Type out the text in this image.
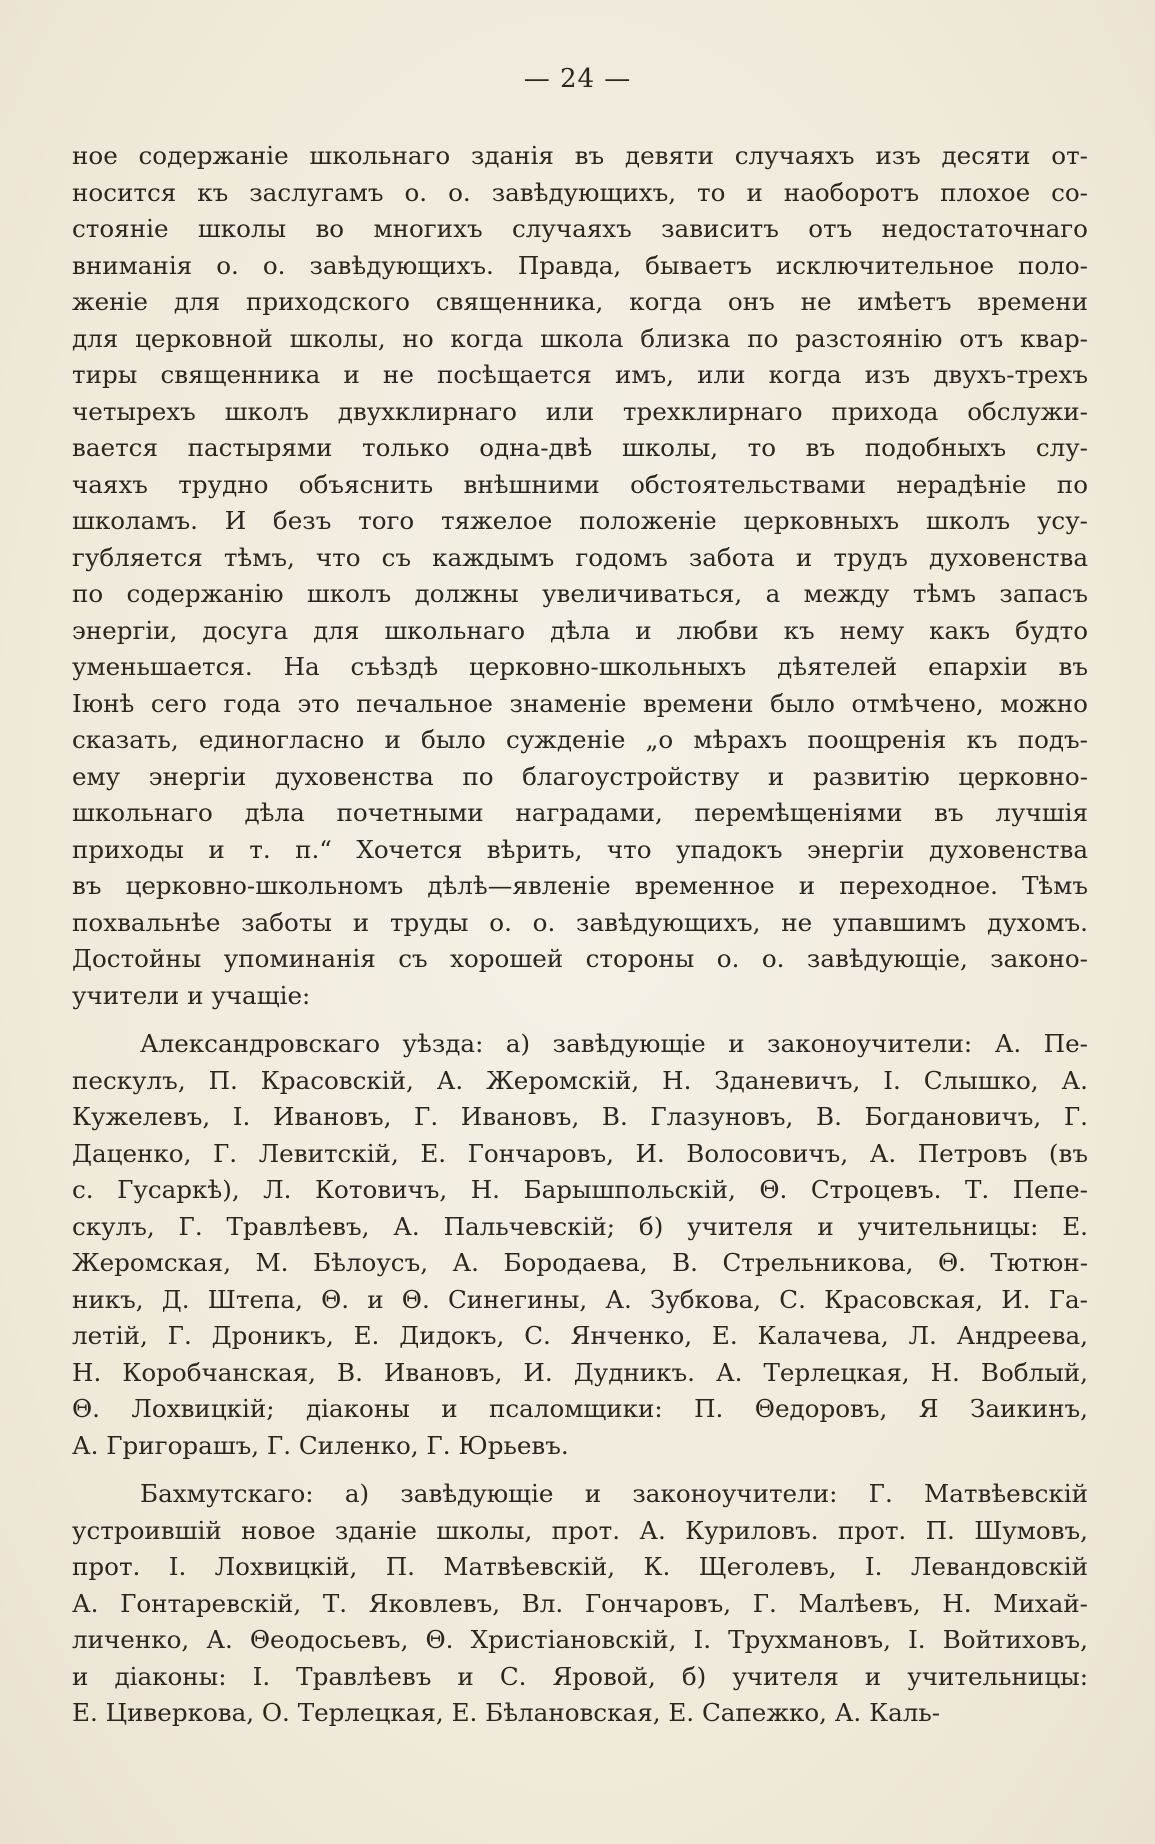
— 24 —
ное содержаніе школьнаго зданія въ девяти случаяхъ изъ десяти от-
носится къ заслугамъ о. о. завѣдующихъ, то и наоборотъ плохое со-
стояніе школы во многихъ случаяхъ зависитъ отъ недостаточнаго
вниманія о. о. завѣдующихъ. Правда, бываетъ исключительное поло-
женіе для приходского священника, когда онъ не имѣетъ времени
для церковной школы, но когда школа близка по разстоянію отъ квар-
тиры священника и не посѣщается имъ, или когда изъ двухъ-трехъ
четырехъ школъ двухклирнаго или трехклирнаго прихода обслужи-
вается пастырями только одна-двѣ школы, то въ подобныхъ слу-
чаяхъ трудно объяснить внѣшними обстоятельствами нерадѣніе по
школамъ. И безъ того тяжелое положеніе церковныхъ школъ усу-
губляется тѣмъ, что съ каждымъ годомъ забота и трудъ духовенства
по содержанію школъ должны увеличиваться, а между тѣмъ запасъ
энергіи, досуга для школьнаго дѣла и любви къ нему какъ будто
уменьшается. На съѣздѣ церковно-школьныхъ дѣятелей епархіи въ
Іюнѣ сего года это печальное знаменіе времени было отмѣчено, можно
сказать, единогласно и было сужденіе „о мѣрахъ поощренія къ подъ-
ему энергіи духовенства по благоустройству и развитію церковно-
школьнаго дѣла почетными наградами, перемѣщеніями въ лучшія
приходы и т. п.“ Хочется вѣрить, что упадокъ энергіи духовенства
въ церковно-школьномъ дѣлѣ—явленіе временное и переходное. Тѣмъ
похвальнѣе заботы и труды о. о. завѣдующихъ, не упавшимъ духомъ.
Достойны упоминанія съ хорошей стороны о. о. завѣдующіе, законо-
учители и учащіе:
Александровскаго уѣзда: а) завѣдующіе и законоучители: А. Пе-
пескулъ, П. Красовскій, А. Жеромскій, Н. Зданевичъ, І. Слышко, А.
Кужелевъ, І. Ивановъ, Г. Ивановъ, В. Глазуновъ, В. Богдановичъ, Г.
Даценко, Г. Левитскій, Е. Гончаровъ, И. Волосовичъ, А. Петровъ (въ
с. Гусаркѣ), Л. Котовичъ, Н. Барышпольскій, Θ. Строцевъ. Т. Пепе-
скулъ, Г. Травлѣевъ, А. Пальчевскій; б) учителя и учительницы: Е.
Жеромская, М. Бѣлоусъ, А. Бородаева, В. Стрельникова, Θ. Тютюн-
никъ, Д. Штепа, Θ. и Θ. Синегины, А. Зубкова, С. Красовская, И. Га-
летій, Г. Дроникъ, Е. Дидокъ, С. Янченко, Е. Калачева, Л. Андреева,
Н. Коробчанская, В. Ивановъ, И. Дудникъ. А. Терлецкая, Н. Воблый,
Θ. Лохвицкій; діаконы и псаломщики: П. Θедоровъ, Я Заикинъ,
А. Григорашъ, Г. Силенко, Г. Юрьевъ.
Бахмутскаго: а) завѣдующіе и законоучители: Г. Матвѣевскій
устроившій новое зданіе школы, прот. А. Куриловъ. прот. П. Шумовъ,
прот. І. Лохвицкій, П. Матвѣевскій, К. Щеголевъ, І. Левандовскій
А. Гонтаревскій, Т. Яковлевъ, Вл. Гончаровъ, Г. Малѣевъ, Н. Михай-
личенко, А. Θеодосьевъ, Θ. Христіановскій, І. Трухмановъ, І. Войтиховъ,
и діаконы: І. Травлѣевъ и С. Яровой, б) учителя и учительницы:
Е. Циверкова, О. Терлецкая, Е. Бѣлановская, Е. Сапежко, А. Каль-
